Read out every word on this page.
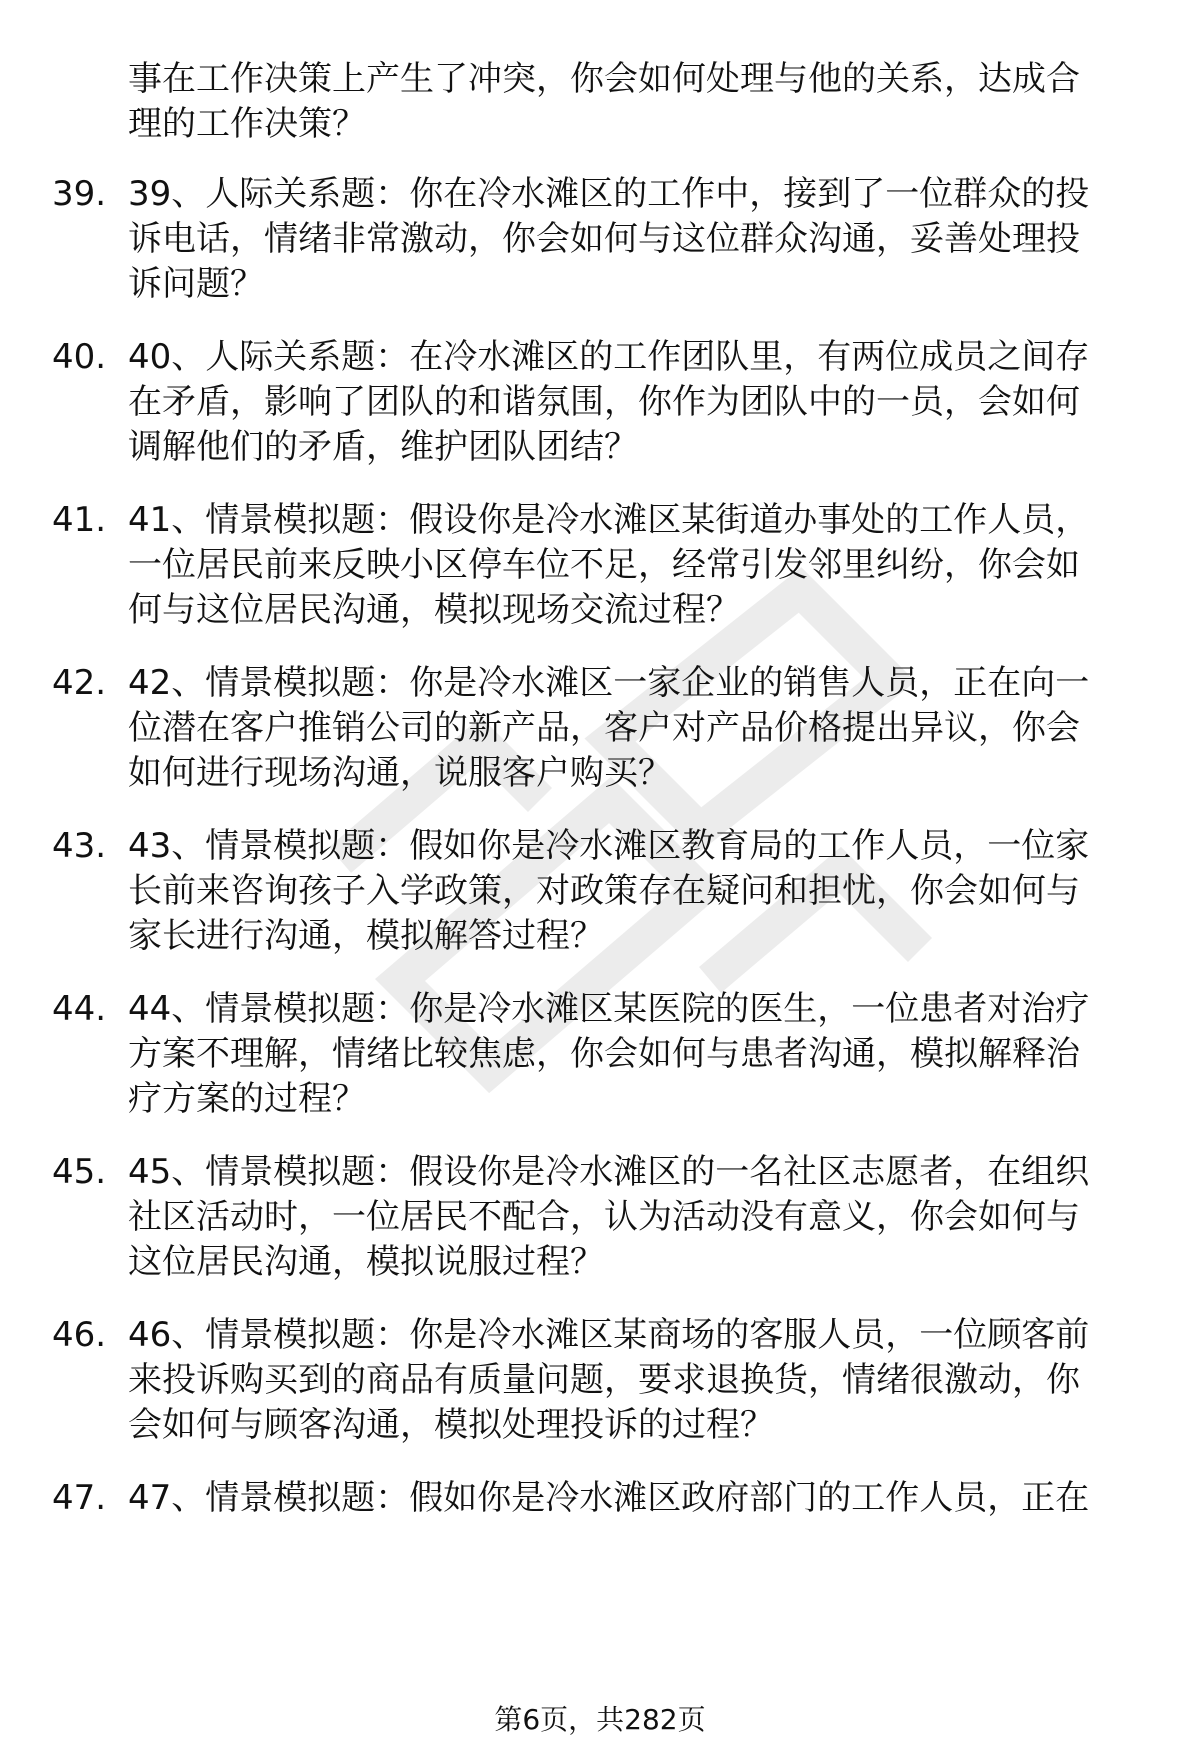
事在工作决策上产生了冲突，你会如何处理与他的关系，达成合
理的工作决策？
39. 39、人际关系题：你在冷水滩区的工作中，接到了一位群众的投
诉电话，情绪非常激动，你会如何与这位群众沟通，妥善处理投
诉问题？
40. 40、人际关系题：在冷水滩区的工作团队里，有两位成员之间存
在矛盾，影响了团队的和谐氛围，你作为团队中的一员，会如何
调解他们的矛盾，维护团队团结？
41. 41、情景模拟题：假设你是冷水滩区某街道办事处的工作人员，
一位居民前来反映小区停车位不足，经常引发邻里纠纷，你会如
何与这位居民沟通，模拟现场交流过程？
42. 42、情景模拟题：你是冷水滩区一家企业的销售人员，正在向一
位潜在客户推销公司的新产品，客户对产品价格提出异议，你会
如何进行现场沟通，说服客户购买？
43. 43、情景模拟题：假如你是冷水滩区教育局的工作人员，一位家
长前来咨询孩子入学政策，对政策存在疑问和担忧，你会如何与
家长进行沟通，模拟解答过程？
44. 44、情景模拟题：你是冷水滩区某医院的医生，一位患者对治疗
方案不理解，情绪比较焦虑，你会如何与患者沟通，模拟解释治
疗方案的过程？
45. 45、情景模拟题：假设你是冷水滩区的一名社区志愿者，在组织
社区活动时，一位居民不配合，认为活动没有意义，你会如何与
这位居民沟通，模拟说服过程？
46. 46、情景模拟题：你是冷水滩区某商场的客服人员，一位顾客前
来投诉购买到的商品有质量问题，要求退换货，情绪很激动，你
会如何与顾客沟通，模拟处理投诉的过程？
47. 47、情景模拟题：假如你是冷水滩区政府部门的工作人员，正在
第6页，共282页
